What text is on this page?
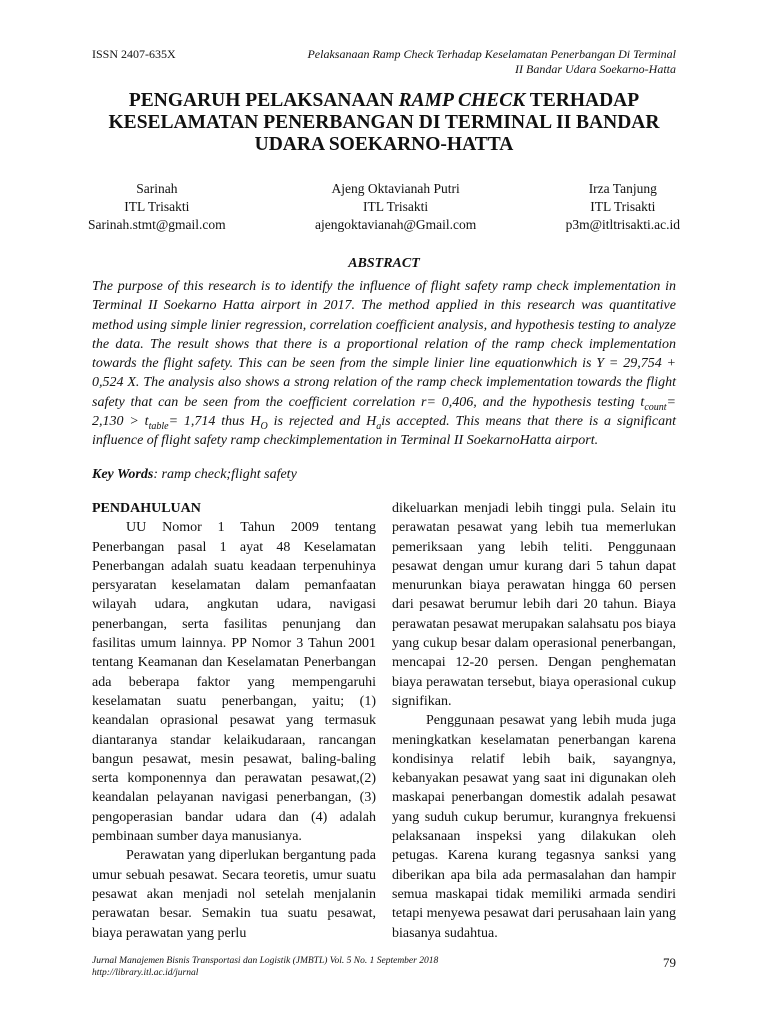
ISSN 2407-635X	Pelaksanaan Ramp Check Terhadap Keselamatan Penerbangan Di Terminal
II Bandar Udara Soekarno-Hatta
PENGARUH PELAKSANAAN RAMP CHECK TERHADAP KESELAMATAN PENERBANGAN DI TERMINAL II BANDAR UDARA SOEKARNO-HATTA
Sarinah
ITL Trisakti
Sarinah.stmt@gmail.com
Ajeng Oktavianah Putri
ITL Trisakti
ajengoktavianah@Gmail.com
Irza Tanjung
ITL Trisakti
p3m@itltrisakti.ac.id
ABSTRACT

The purpose of this research is to identify the influence of flight safety ramp check implementation in Terminal II Soekarno Hatta airport in 2017. The method applied in this research was quantitative method using simple linier regression, correlation coefficient analysis, and hypothesis testing to analyze the data. The result shows that there is a proportional relation of the ramp check implementation towards the flight safety. This can be seen from the simple linier line equationwhich is Y = 29,754 + 0,524 X. The analysis also shows a strong relation of the ramp check implementation towards the flight safety that can be seen from the coefficient correlation r= 0,406, and the hypothesis testing $t_{count}= 2,130 > t_{table}= 1,714$ thus $H_O$ is rejected and $H_ais$ accepted. This means that there is a significant influence of flight safety ramp checkimplementation in Terminal II SoekarnoHatta airport.

Key Words: ramp check;flight safety

PENDAHULUAN

UU Nomor 1 Tahun 2009 tentang Penerbangan pasal 1 ayat 48 Keselamatan Penerbangan adalah suatu keadaan terpenuhinya persyaratan keselamatan dalam pemanfaatan wilayah udara, angkutan udara, navigasi penerbangan, serta fasilitas penunjang dan fasilitas umum lainnya. PP Nomor 3 Tahun 2001 tentang Keamanan dan Keselamatan Penerbangan ada beberapa faktor yang mempengaruhi keselamatan suatu penerbangan, yaitu; (1) keandalan oprasional pesawat yang termasuk diantaranya standar kelaikudaraan, rancangan bangun pesawat, mesin pesawat, baling-baling serta komponennya dan perawatan pesawat,(2) keandalan pelayanan navigasi penerbangan, (3) pengoperasian bandar udara dan (4) adalah pembinaan sumber daya manusianya.

Perawatan yang diperlukan bergantung pada umur sebuah pesawat. Secara teoretis, umur suatu pesawat akan menjadi nol setelah menjalanin perawatan besar. Semakin tua suatu pesawat, biaya perawatan yang perlu

dikeluarkan menjadi lebih tinggi pula. Selain itu perawatan pesawat yang lebih tua memerlukan pemeriksaan yang lebih teliti. Penggunaan pesawat dengan umur kurang dari 5 tahun dapat menurunkan biaya perawatan hingga 60 persen dari pesawat berumur lebih dari 20 tahun. Biaya perawatan pesawat merupakan salahsatu pos biaya yang cukup besar dalam operasional penerbangan, mencapai 12-20 persen. Dengan penghematan biaya perawatan tersebut, biaya operasional cukup signifikan.

Penggunaan pesawat yang lebih muda juga meningkatkan keselamatan penerbangan karena kondisinya relatif lebih baik, sayangnya, kebanyakan pesawat yang saat ini digunakan oleh maskapai penerbangan domestik adalah pesawat yang suduh cukup berumur, kurangnya frekuensi pelaksanaan inspeksi yang dilakukan oleh petugas. Karena kurang tegasnya sanksi yang diberikan apa bila ada permasalahan dan hampir semua maskapai tidak memiliki armada sendiri tetapi menyewa pesawat dari perusahaan lain yang biasanya sudahtua.

Jurnal Manajemen Bisnis Transportasi dan Logistik (JMBTL) Vol. 5 No. 1 September 2018
http://library.itl.ac.id/jurnal
79
